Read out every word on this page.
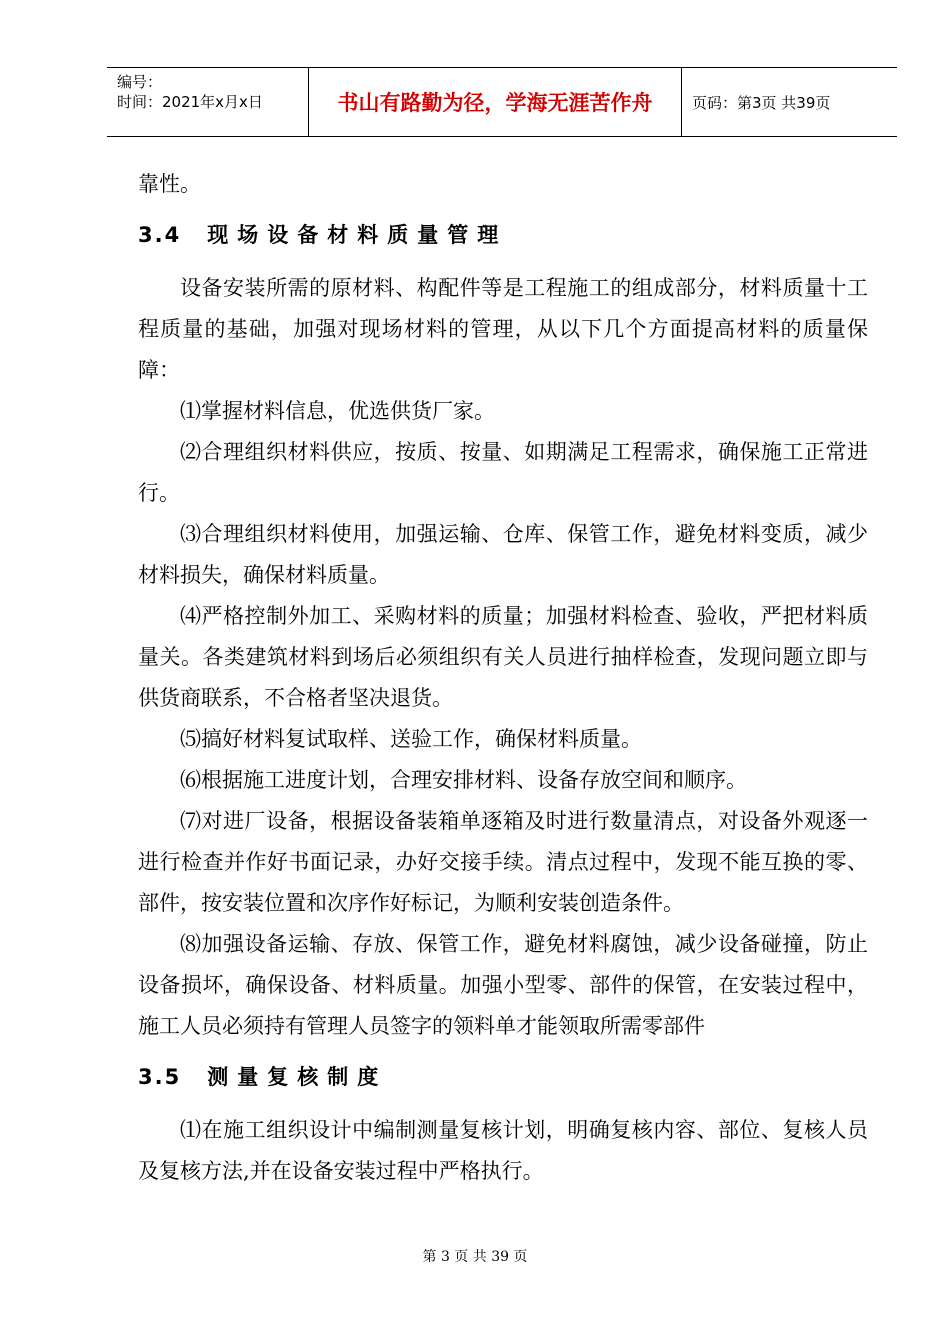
编号：
时间：2021年x月x日	书山有路勤为径，学海无涯苦作舟	页码：第3页 共39页

靠性。

3.4 现场设备材料质量管理

设备安装所需的原材料、构配件等是工程施工的组成部分，材料质量十工程质量的基础，加强对现场材料的管理，从以下几个方面提高材料的质量保障：

⑴掌握材料信息，优选供货厂家。

⑵合理组织材料供应，按质、按量、如期满足工程需求，确保施工正常进行。

⑶合理组织材料使用，加强运输、仓库、保管工作，避免材料变质，减少材料损失，确保材料质量。

⑷严格控制外加工、采购材料的质量；加强材料检查、验收，严把材料质量关。各类建筑材料到场后必须组织有关人员进行抽样检查，发现问题立即与供货商联系，不合格者坚决退货。

⑸搞好材料复试取样、送验工作，确保材料质量。

⑹根据施工进度计划，合理安排材料、设备存放空间和顺序。

⑺对进厂设备，根据设备装箱单逐箱及时进行数量清点，对设备外观逐一进行检查并作好书面记录，办好交接手续。清点过程中，发现不能互换的零、部件，按安装位置和次序作好标记，为顺利安装创造条件。

⑻加强设备运输、存放、保管工作，避免材料腐蚀，减少设备碰撞，防止设备损坏，确保设备、材料质量。加强小型零、部件的保管，在安装过程中，施工人员必须持有管理人员签字的领料单才能领取所需零部件

3.5 测量复核制度

⑴在施工组织设计中编制测量复核计划，明确复核内容、部位、复核人员及复核方法,并在设备安装过程中严格执行。

第 3 页 共 39 页
